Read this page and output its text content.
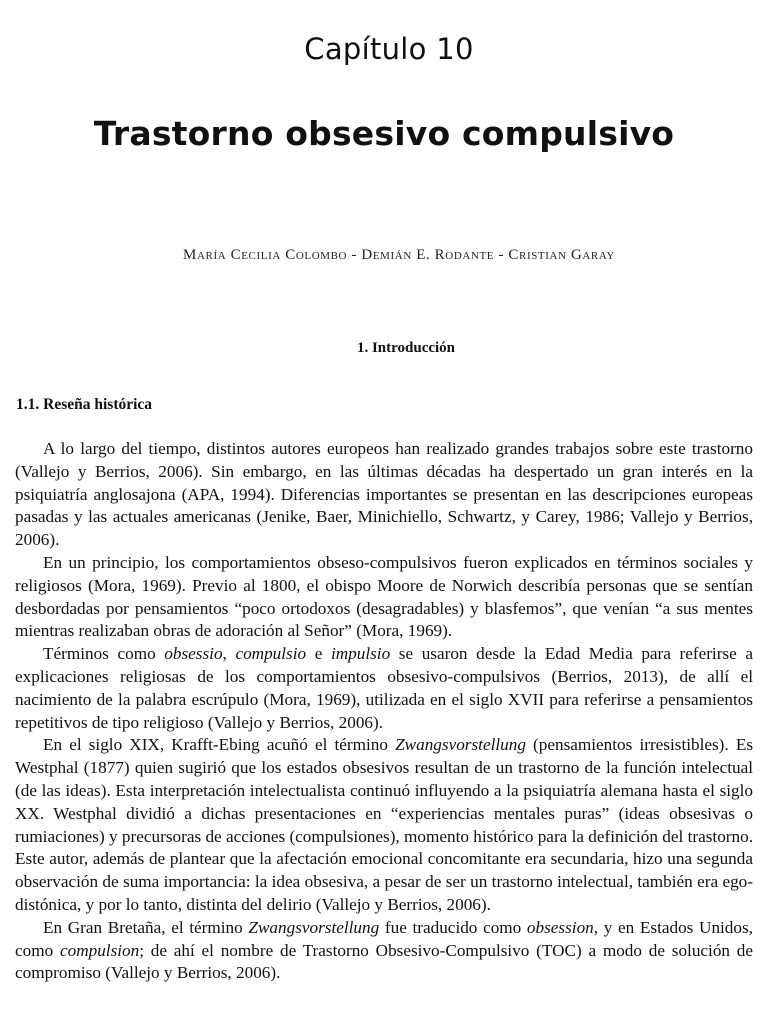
Capítulo 10
Trastorno obsesivo compulsivo
María Cecilia Colombo - Demián E. Rodante - Cristian Garay
1. Introducción
1.1. Reseña histórica

A lo largo del tiempo, distintos autores europeos han realizado grandes trabajos sobre este trastorno (Vallejo y Berrios, 2006). Sin embargo, en las últimas décadas ha despertado un gran interés en la psiquiatría anglosajona (APA, 1994). Diferencias importantes se presentan en las descripciones europeas pasadas y las actuales americanas (Jenike, Baer, Minichiello, Schwartz, y Carey, 1986; Vallejo y Berrios, 2006).

En un principio, los comportamientos obseso-compulsivos fueron explicados en términos sociales y religiosos (Mora, 1969). Previo al 1800, el obispo Moore de Norwich describía personas que se sentían desbordadas por pensamientos “poco ortodoxos (desagradables) y blasfemos”, que venían “a sus mentes mientras realizaban obras de adoración al Señor” (Mora, 1969).

Términos como obsessio, compulsio e impulsio se usaron desde la Edad Media para referirse a explicaciones religiosas de los comportamientos obsesivo-compulsivos (Berrios, 2013), de allí el nacimiento de la palabra escrúpulo (Mora, 1969), utilizada en el siglo XVII para referirse a pensamientos repetitivos de tipo religioso (Vallejo y Berrios, 2006).

En el siglo XIX, Krafft-Ebing acuñó el término Zwangsvorstellung (pensamientos irresistibles). Es Westphal (1877) quien sugirió que los estados obsesivos resultan de un trastorno de la función intelectual (de las ideas). Esta interpretación intelectualista continuó influyendo a la psiquiatría alemana hasta el siglo XX. Westphal dividió a dichas presentaciones en “experiencias mentales puras” (ideas obsesivas o rumiaciones) y precursoras de acciones (compulsiones), momento histórico para la definición del trastorno. Este autor, además de plantear que la afectación emocional concomitante era secundaria, hizo una segunda observación de suma importancia: la idea obsesiva, a pesar de ser un trastorno intelectual, también era ego-distónica, y por lo tanto, distinta del delirio (Vallejo y Berrios, 2006).

En Gran Bretaña, el término Zwangsvorstellung fue traducido como obsession, y en Estados Unidos, como compulsion; de ahí el nombre de Trastorno Obsesivo-Compulsivo (TOC) a modo de solución de compromiso (Vallejo y Berrios, 2006).
